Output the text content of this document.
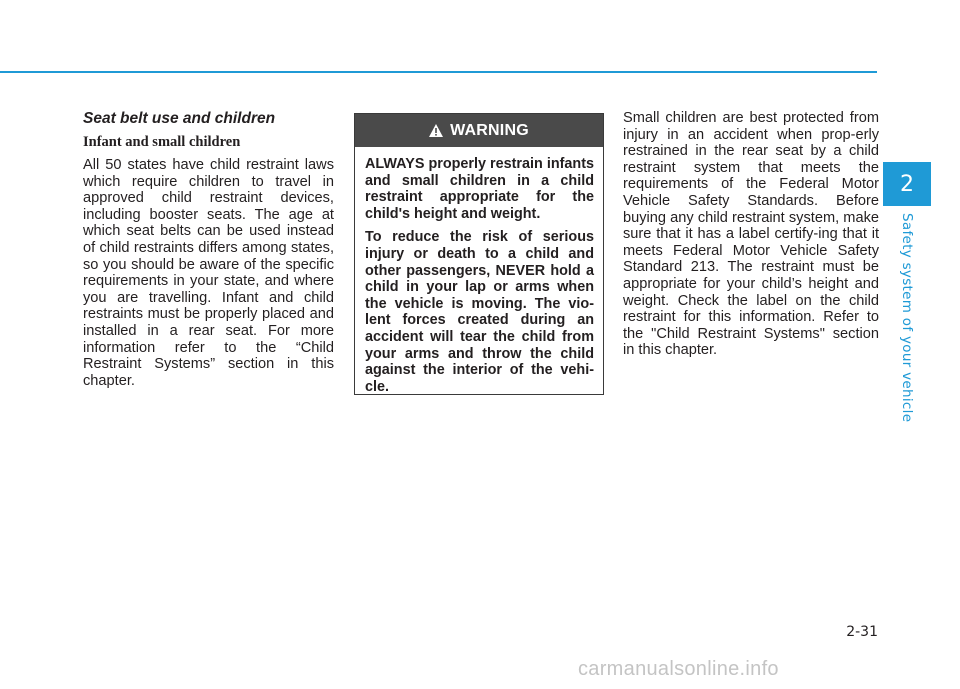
Seat belt use and children
Infant and small children

All 50 states have child restraint laws which require children to travel in approved child restraint devices, including booster seats. The age at which seat belts can be used instead of child restraints differs among states, so you should be aware of the specific requirements in your state, and where you are travelling. Infant and child restraints must be properly placed and installed in a rear seat. For more information refer to the “Child Restraint Systems” section in this chapter.

WARNING

ALWAYS properly restrain infants and small children in a child restraint appropriate for the child's height and weight.

To reduce the risk of serious injury or death to a child and other passengers, NEVER hold a child in your lap or arms when the vehicle is moving. The vio-lent forces created during an accident will tear the child from your arms and throw the child against the interior of the vehi-cle.

Small children are best protected from injury in an accident when prop-erly restrained in the rear seat by a child restraint system that meets the requirements of the Federal Motor Vehicle Safety Standards. Before buying any child restraint system, make sure that it has a label certify-ing that it meets Federal Motor Vehicle Safety Standard 213. The restraint must be appropriate for your child’s height and weight. Check the label on the child restraint for this information. Refer to the "Child Restraint Systems" section in this chapter.

2
Safety system of your vehicle
2-31
carmanualsonline.info
